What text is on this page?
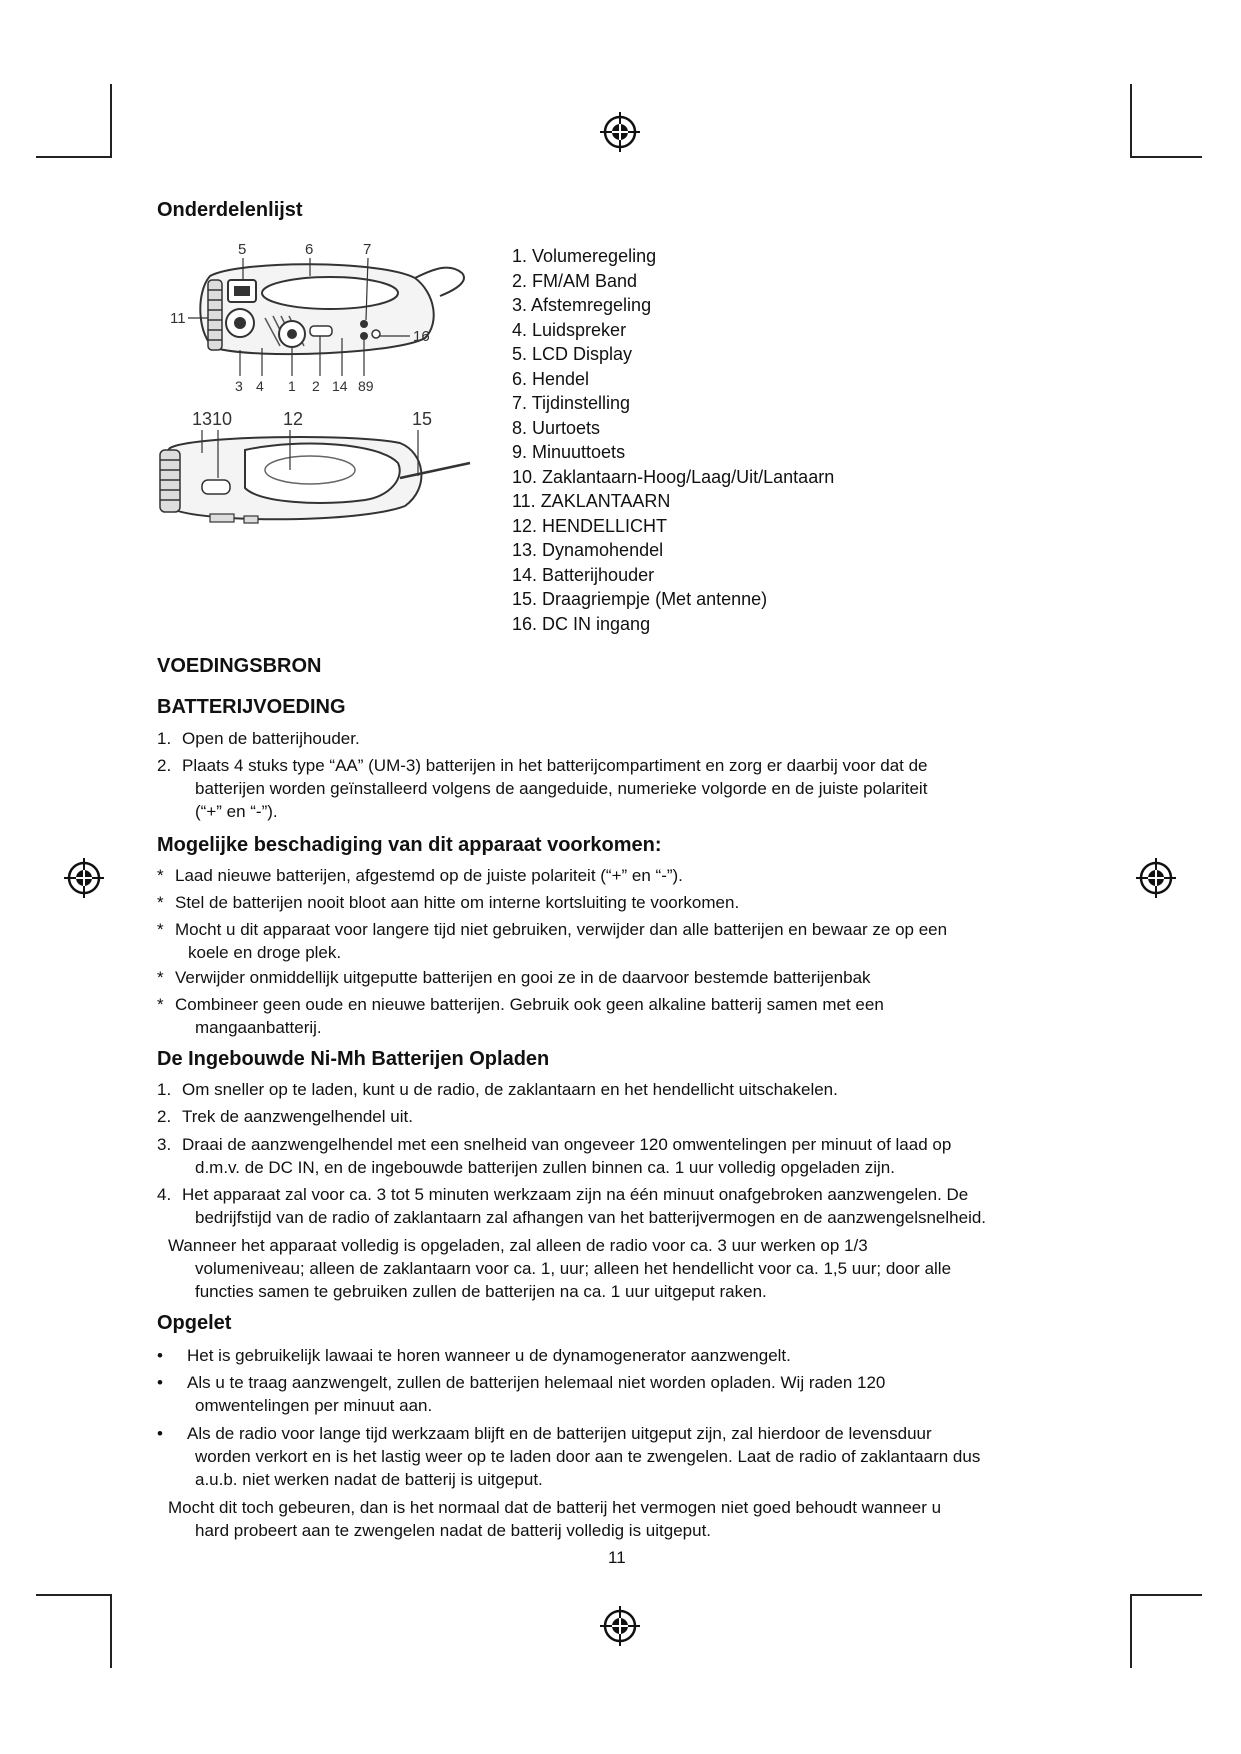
Onderdelenlijst
5	6	7
11
16
3 4 1 2 14 89
1310	12	15
1. Volumeregeling
2. FM/AM Band
3. Afstemregeling
4. Luidspreker
5. LCD Display
6. Hendel
7. Tijdinstelling
8. Uurtoets
9. Minuuttoets
10. Zaklantaarn-Hoog/Laag/Uit/Lantaarn
11. ZAKLANTAARN
12. HENDELLICHT
13. Dynamohendel
14. Batterijhouder
15. Draagriempje (Met antenne)
16. DC IN ingang
VOEDINGSBRON
BATTERIJVOEDING
1. Open de batterijhouder.
2. Plaats 4 stuks type “AA” (UM-3) batterijen in het batterijcompartiment en zorg er daarbij voor dat de
batterijen worden geïnstalleerd volgens de aangeduide, numerieke volgorde en de juiste polariteit
(“+” en “-”).
Mogelijke beschadiging van dit apparaat voorkomen:
* Laad nieuwe batterijen, afgestemd op de juiste polariteit (“+” en “-”).
* Stel de batterijen nooit bloot aan hitte om interne kortsluiting te voorkomen.
* Mocht u dit apparaat voor langere tijd niet gebruiken, verwijder dan alle batterijen en bewaar ze op een
koele en droge plek.
* Verwijder onmiddellijk uitgeputte batterijen en gooi ze in de daarvoor bestemde batterijenbak
* Combineer geen oude en nieuwe batterijen. Gebruik ook geen alkaline batterij samen met een
mangaanbatterij.
De Ingebouwde Ni-Mh Batterijen Opladen
1. Om sneller op te laden, kunt u de radio, de zaklantaarn en het hendellicht uitschakelen.
2. Trek de aanzwengelhendel uit.
3. Draai de aanzwengelhendel met een snelheid van ongeveer 120 omwentelingen per minuut of laad op
d.m.v. de DC IN, en de ingebouwde batterijen zullen binnen ca. 1 uur volledig opgeladen zijn.
4. Het apparaat zal voor ca. 3 tot 5 minuten werkzaam zijn na één minuut onafgebroken aanzwengelen. De
bedrijfstijd van de radio of zaklantaarn zal afhangen van het batterijvermogen en de aanzwengelsnelheid.
Wanneer het apparaat volledig is opgeladen, zal alleen de radio voor ca. 3 uur werken op 1/3
volumeniveau; alleen de zaklantaarn voor ca. 1, uur; alleen het hendellicht voor ca. 1,5 uur; door alle
functies samen te gebruiken zullen de batterijen na ca. 1 uur uitgeput raken.
Opgelet
•	Het is gebruikelijk lawaai te horen wanneer u de dynamogenerator aanzwengelt.
•	Als u te traag aanzwengelt, zullen de batterijen helemaal niet worden opladen. Wij raden 120
omwentelingen per minuut aan.
•	Als de radio voor lange tijd werkzaam blijft en de batterijen uitgeput zijn, zal hierdoor de levensduur
worden verkort en is het lastig weer op te laden door aan te zwengelen. Laat de radio of zaklantaarn dus
a.u.b. niet werken nadat de batterij is uitgeput.
Mocht dit toch gebeuren, dan is het normaal dat de batterij het vermogen niet goed behoudt wanneer u
hard probeert aan te zwengelen nadat de batterij volledig is uitgeput.
11
